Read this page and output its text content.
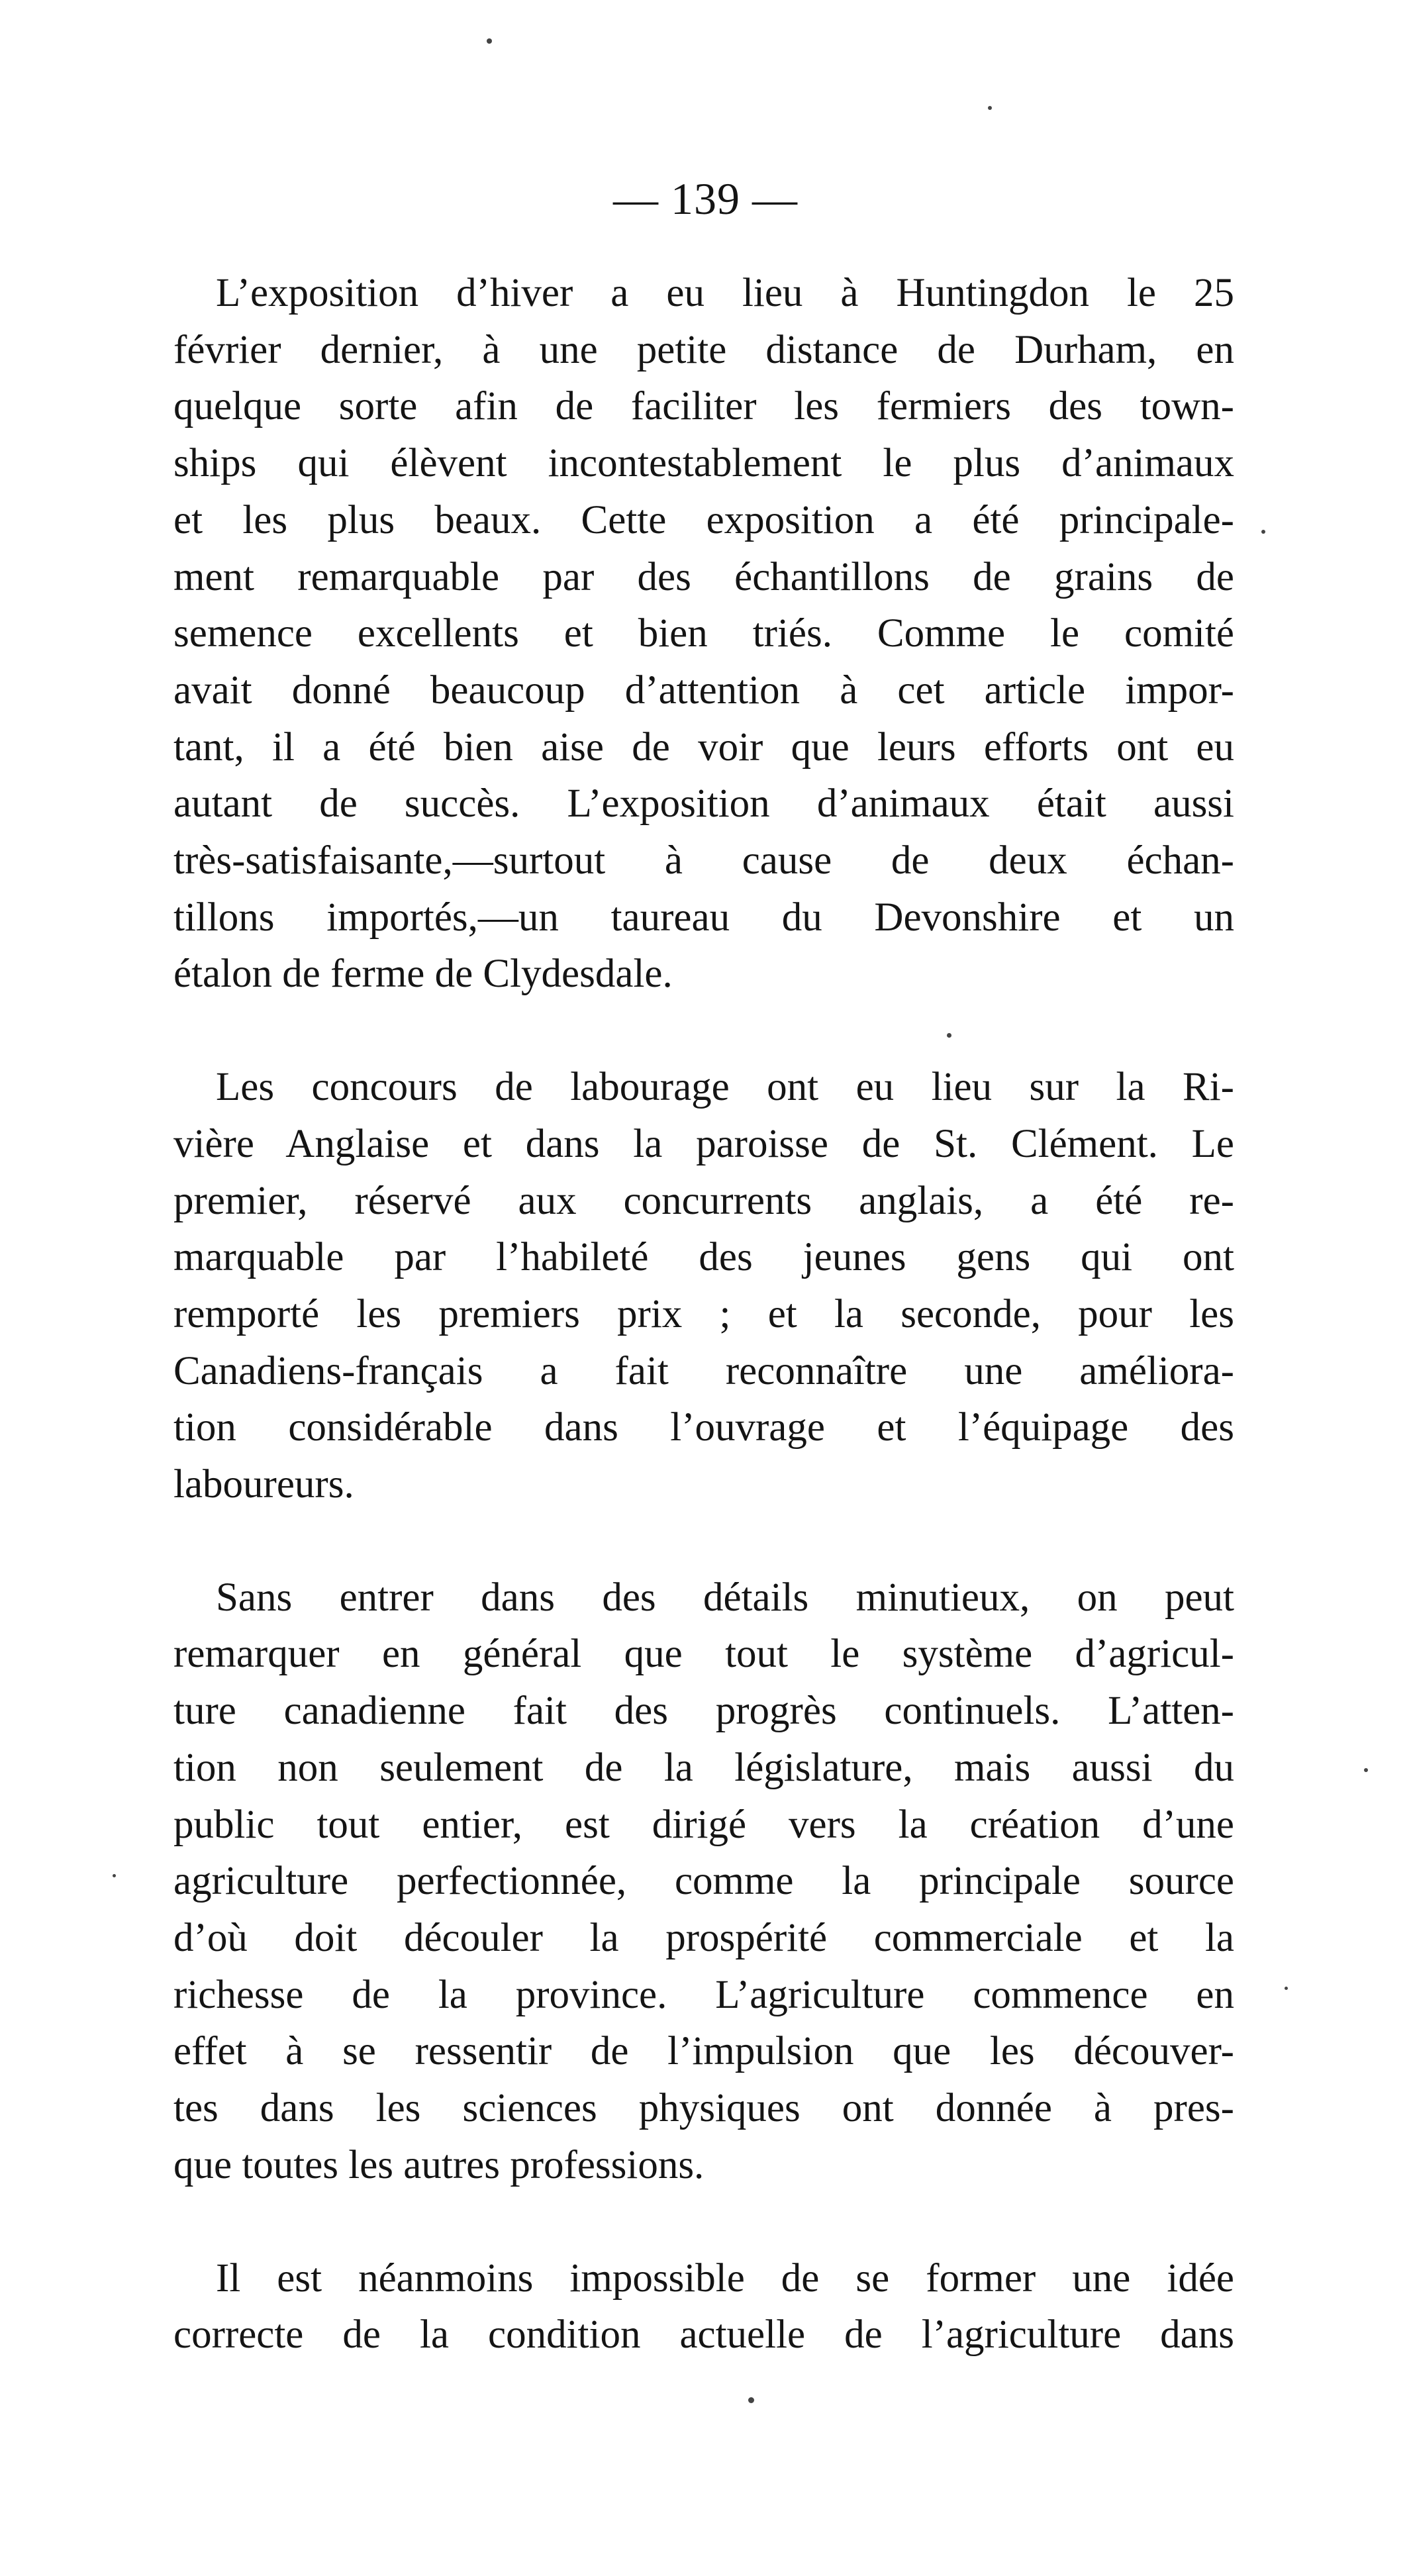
— 139 —

L’exposition d’hiver a eu lieu à Huntingdon le 25
février dernier, à une petite distance de Durham, en
quelque sorte afin de faciliter les fermiers des town-
ships qui élèvent incontestablement le plus d’animaux
et les plus beaux. Cette exposition a été principale-
ment remarquable par des échantillons de grains de
semence excellents et bien triés. Comme le comité
avait donné beaucoup d’attention à cet article impor-
tant, il a été bien aise de voir que leurs efforts ont eu
autant de succès. L’exposition d’animaux était aussi
très-satisfaisante,—surtout à cause de deux échan-
tillons importés,—un taureau du Devonshire et un
étalon de ferme de Clydesdale.

Les concours de labourage ont eu lieu sur la Ri-
vière Anglaise et dans la paroisse de St. Clément. Le
premier, réservé aux concurrents anglais, a été re-
marquable par l’habileté des jeunes gens qui ont
remporté les premiers prix ; et la seconde, pour les
Canadiens-français a fait reconnaître une améliora-
tion considérable dans l’ouvrage et l’équipage des
laboureurs.

Sans entrer dans des détails minutieux, on peut
remarquer en général que tout le système d’agricul-
ture canadienne fait des progrès continuels. L’atten-
tion non seulement de la législature, mais aussi du
public tout entier, est dirigé vers la création d’une
agriculture perfectionnée, comme la principale source
d’où doit découler la prospérité commerciale et la
richesse de la province. L’agriculture commence en
effet à se ressentir de l’impulsion que les découver-
tes dans les sciences physiques ont donnée à pres-
que toutes les autres professions.

Il est néanmoins impossible de se former une idée
correcte de la condition actuelle de l’agriculture dans
